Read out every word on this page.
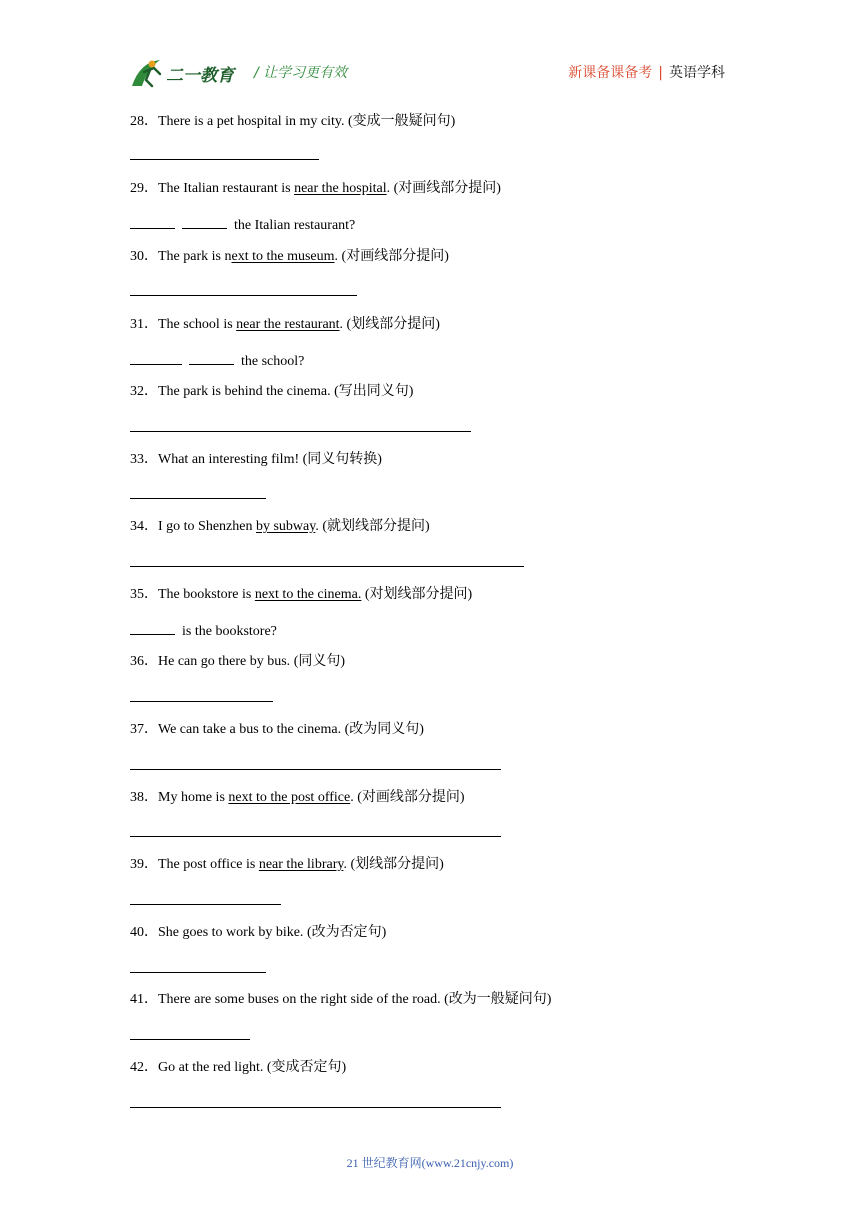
二一教育 / 让学习更有效	新课备课备考 | 英语学科
28．There is a pet hospital in my city. (变成一般疑问句)
29．The Italian restaurant is near the hospital. (对画线部分提问)
the Italian restaurant?
30．The park is next to the museum. (对画线部分提问)
31．The school is near the restaurant. (划线部分提问)
the school?
32．The park is behind the cinema. (写出同义句)
33．What an interesting film! (同义句转换)
34．I go to Shenzhen by subway. (就划线部分提问)
35．The bookstore is next to the cinema. (对划线部分提问)
is the bookstore?
36．He can go there by bus. (同义句)
37．We can take a bus to the cinema. (改为同义句)
38．My home is next to the post office. (对画线部分提问)
39．The post office is near the library. (划线部分提问)
40．She goes to work by bike. (改为否定句)
41．There are some buses on the right side of the road. (改为一般疑问句)
42．Go at the red light. (变成否定句)
21 世纪教育网(www.21cnjy.com)
